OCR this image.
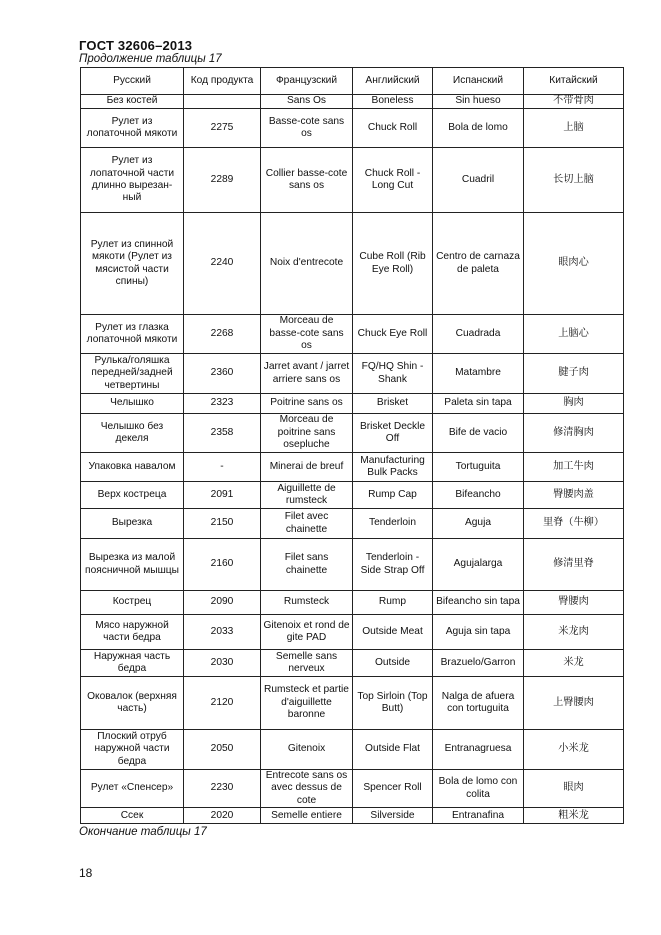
ГОСТ 32606–2013
Продолжение таблицы 17
Русский	Код продукта	Французский	Английский	Испанский	Китайский
Без костей		Sans Os	Boneless	Sin hueso	不带骨肉
Рулет из лопаточной мякоти	2275	Basse-cote sans os	Chuck Roll	Bola de lomo	上脑
Рулет из лопаточной части длинно вырезан- ный	2289	Collier basse-cote sans os	Chuck Roll - Long Cut	Cuadril	长切上脑
Рулет из спинной мякоти (Рулет из мясистой части спины)	2240	Noix d'entrecote	Cube Roll (Rib Eye Roll)	Centro de carnaza de paleta	眼肉心
Рулет из глазка лопаточной мякоти	2268	Morceau de basse-cote sans os	Chuck Eye Roll	Cuadrada	上脑心
Рулька/голяшка передней/задней четвертины	2360	Jarret avant / jarret arriere sans os	FQ/HQ Shin - Shank	Matambre	腱子肉
Челышко	2323	Poitrine sans os	Brisket	Paleta sin tapa	胸肉
Челышко без декеля	2358	Morceau de poitrine sans osepluche	Brisket Deckle Off	Bife de vacio	修清胸肉
Упаковка навалом	-	Minerai de breuf	Manufacturing Bulk Packs	Tortuguita	加工牛肉
Верх кострецa	2091	Aiguillette de rumsteck	Rump Cap	Bifeancho	臀腰肉盖
Вырезка	2150	Filet avec chainette	Tenderloin	Aguja	里脊（牛柳）
Вырезка из малой поясничной мышцы	2160	Filet sans chainette	Tenderloin - Side Strap Off	Agujalarga	修清里脊
Кострец	2090	Rumsteck	Rump	Bifeancho sin tapa	臀腰肉
Мясо наружной части бедра	2033	Gitenoix et rond de gite PAD	Outside Meat	Aguja sin tapa	米龙肉
Наружная часть бедра	2030	Semelle sans nerveux	Outside	Brazuelo/Garron	米龙
Оковалок (верхняя часть)	2120	Rumsteck et partie d'aiguillette baronne	Top Sirloin (Top Butt)	Nalga de afuera con tortuguita	上臀腰肉
Плоский отруб наружной части бедра	2050	Gitenoix	Outside Flat	Entranagruesa	小米龙
Рулет «Спенсер»	2230	Entrecote sans os avec dessus de cote	Spencer Roll	Bola de lomo con colita	眼肉
Ссек	2020	Semelle entiere	Silverside	Entranafina	粗米龙
Окончание таблицы 17
18
